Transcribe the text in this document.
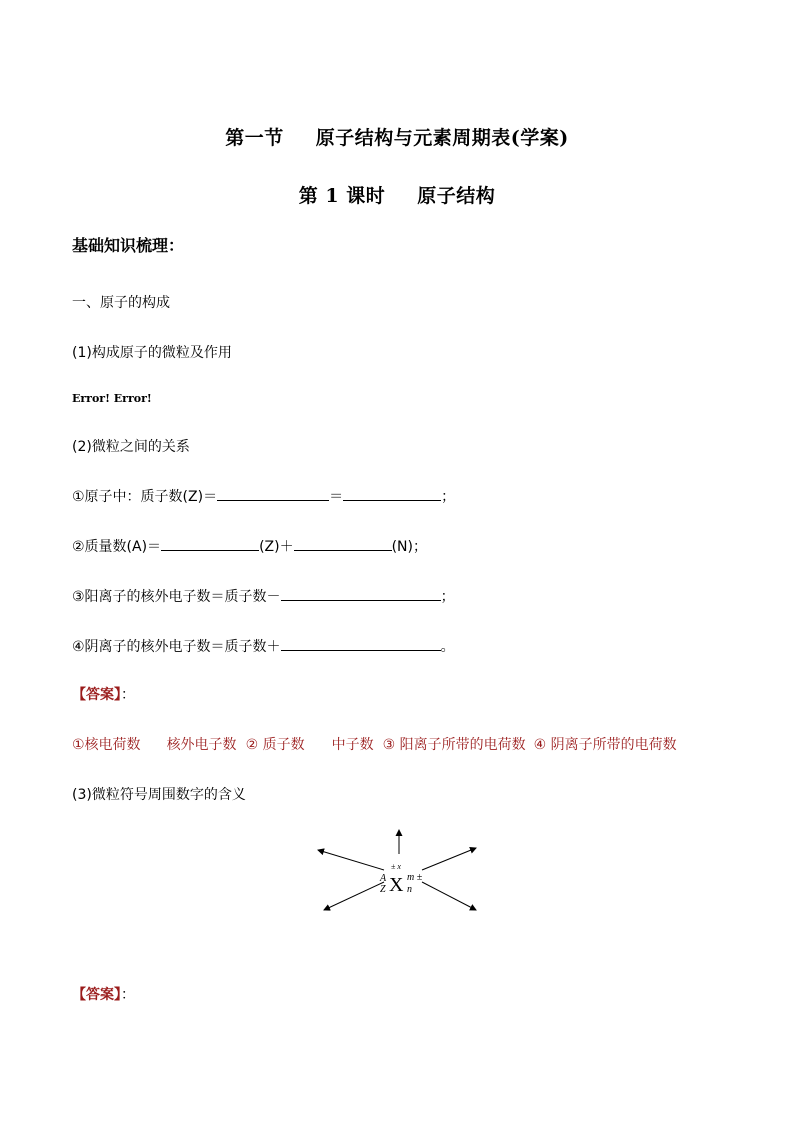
第一节 原子结构与元素周期表(学案)
第 1 课时 原子结构
基础知识梳理：
一、原子的构成
(1)构成原子的微粒及作用
Error! Error!
(2)微粒之间的关系
①原子中：质子数(Z)＝	＝	；
②质量数(A)＝	(Z)＋	(N)；
③阳离子的核外电子数＝质子数－	；
④阴离子的核外电子数＝质子数＋	。
【答案】：
①核电荷数 核外电子数 ② 质子数 中子数 ③ 阳离子所带的电荷数 ④ 阴离子所带的电荷数
(3)微粒符号周围数字的含义
± x
A
Z X m ±
n
【答案】：
